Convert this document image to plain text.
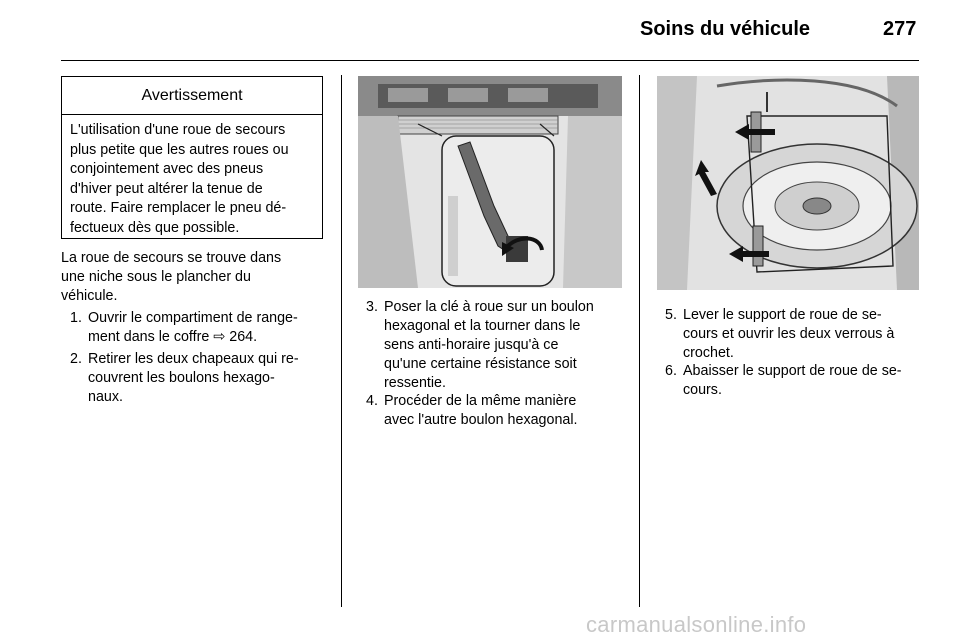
Soins du véhicule	277
Avertissement
L'utilisation d'une roue de secours
plus petite que les autres roues ou
conjointement avec des pneus
d'hiver peut altérer la tenue de
route. Faire remplacer le pneu dé-
fectueux dès que possible.
La roue de secours se trouve dans
une niche sous le plancher du
véhicule.
1. Ouvrir le compartiment de range-
ment dans le coffre ⇨ 264.
2. Retirer les deux chapeaux qui re-
couvrent les boulons hexago-
naux.
3. Poser la clé à roue sur un boulon
hexagonal et la tourner dans le
sens anti-horaire jusqu'à ce
qu'une certaine résistance soit
ressentie.
4. Procéder de la même manière
avec l'autre boulon hexagonal.
5. Lever le support de roue de se-
cours et ouvrir les deux verrous à
crochet.
6. Abaisser le support de roue de se-
cours.
carmanualsonline.info
